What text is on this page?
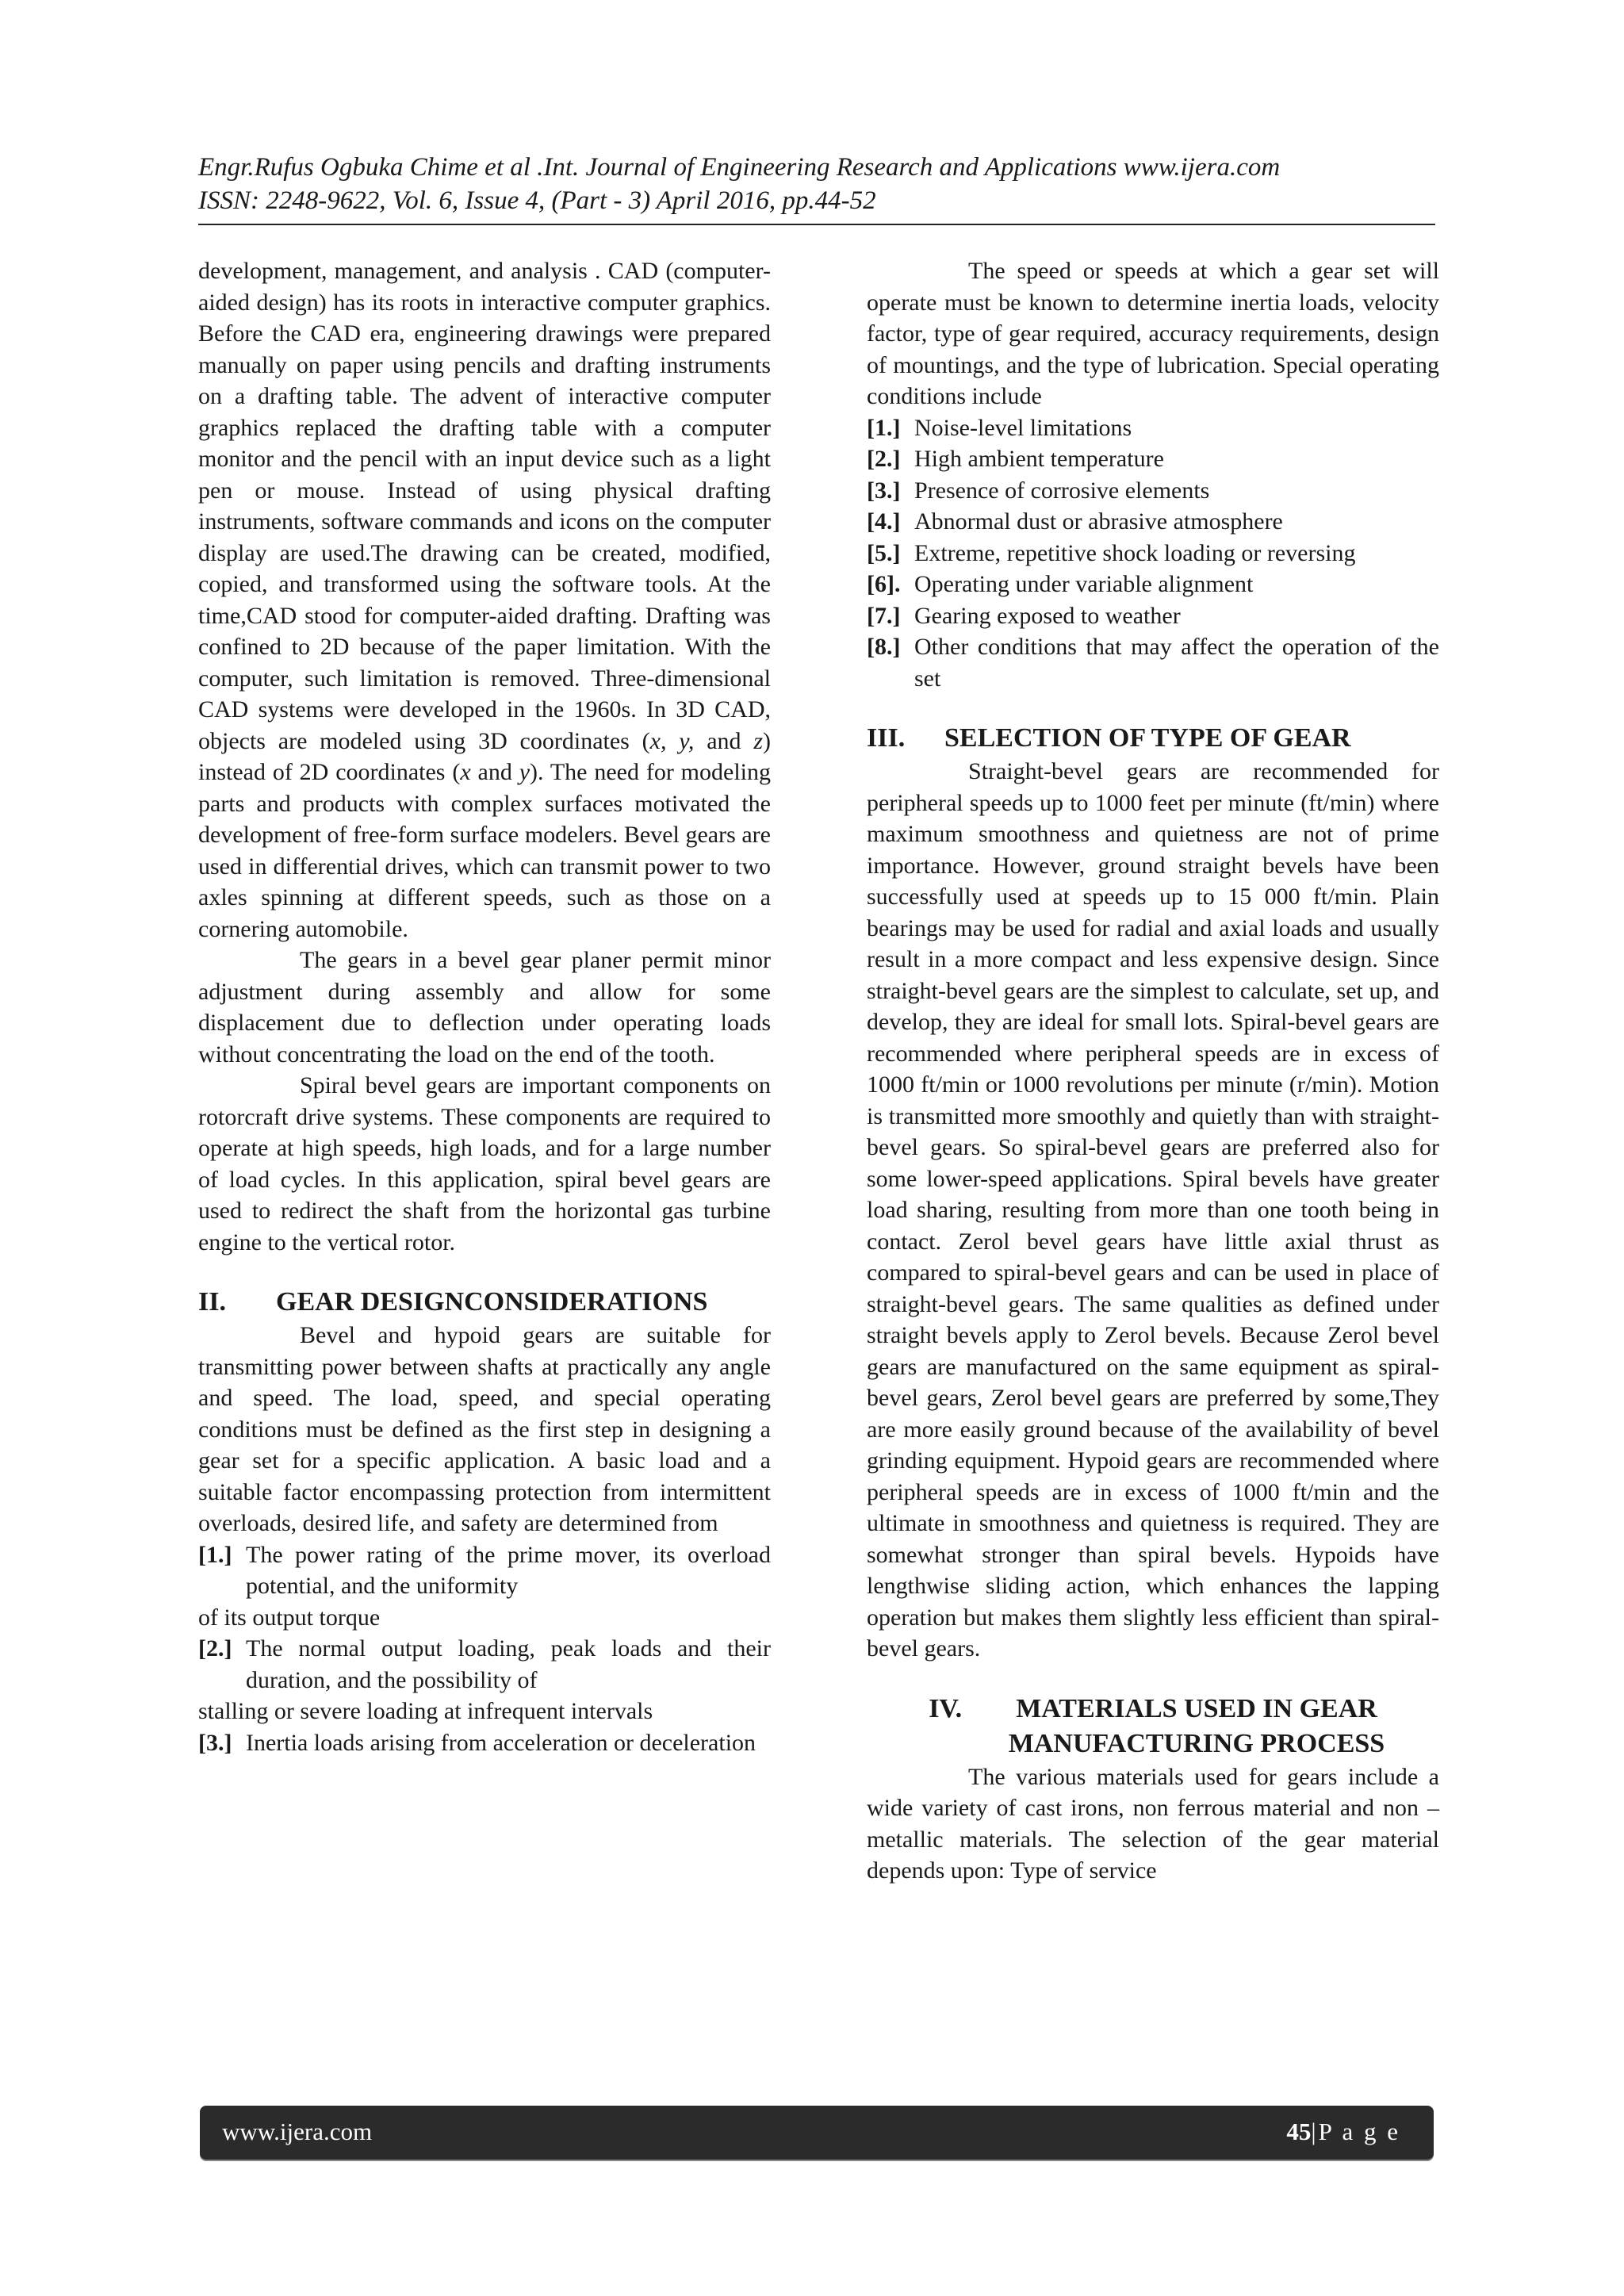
Engr.Rufus Ogbuka Chime et al .Int. Journal of Engineering Research and Applications www.ijera.com
ISSN: 2248-9622, Vol. 6, Issue 4, (Part - 3) April 2016, pp.44-52

development, management, and analysis . CAD (computer-aided design) has its roots in interactive computer graphics. Before the CAD era, engineering drawings were prepared manually on paper using pencils and drafting instruments on a drafting table. The advent of interactive computer graphics replaced the drafting table with a computer monitor and the pencil with an input device such as a light pen or mouse. Instead of using physical drafting instruments, software commands and icons on the computer display are used.The drawing can be created, modified, copied, and transformed using the software tools. At the time,CAD stood for computer-aided drafting. Drafting was confined to 2D because of the paper limitation. With the computer, such limitation is removed. Three-dimensional CAD systems were developed in the 1960s. In 3D CAD, objects are modeled using 3D coordinates (x, y, and z) instead of 2D coordinates (x and y). The need for modeling parts and products with complex surfaces motivated the development of free-form surface modelers. Bevel gears are used in differential drives, which can transmit power to two axles spinning at different speeds, such as those on a cornering automobile.

The gears in a bevel gear planer permit minor adjustment during assembly and allow for some displacement due to deflection under operating loads without concentrating the load on the end of the tooth.

Spiral bevel gears are important components on rotorcraft drive systems. These components are required to operate at high speeds, high loads, and for a large number of load cycles. In this application, spiral bevel gears are used to redirect the shaft from the horizontal gas turbine engine to the vertical rotor.

II.	GEAR DESIGNCONSIDERATIONS

Bevel and hypoid gears are suitable for transmitting power between shafts at practically any angle and speed. The load, speed, and special operating conditions must be defined as the first step in designing a gear set for a specific application. A basic load and a suitable factor encompassing protection from intermittent overloads, desired life, and safety are determined from

[1.] The power rating of the prime mover, its overload potential, and the uniformity

of its output torque

[2.] The normal output loading, peak loads and their duration, and the possibility of

stalling or severe loading at infrequent intervals

[3.] Inertia loads arising from acceleration or deceleration

The speed or speeds at which a gear set will operate must be known to determine inertia loads, velocity factor, type of gear required, accuracy requirements, design of mountings, and the type of lubrication. Special operating conditions include

[1.] Noise-level limitations
[2.] High ambient temperature
[3.] Presence of corrosive elements
[4.] Abnormal dust or abrasive atmosphere
[5.] Extreme, repetitive shock loading or reversing
[6]. Operating under variable alignment
[7.] Gearing exposed to weather
[8.] Other conditions that may affect the operation of the set
III.	SELECTION OF TYPE OF GEAR

Straight-bevel gears are recommended for peripheral speeds up to 1000 feet per minute (ft/min) where maximum smoothness and quietness are not of prime importance. However, ground straight bevels have been successfully used at speeds up to 15 000 ft/min. Plain bearings may be used for radial and axial loads and usually result in a more compact and less expensive design. Since straight-bevel gears are the simplest to calculate, set up, and develop, they are ideal for small lots. Spiral-bevel gears are recommended where peripheral speeds are in excess of 1000 ft/min or 1000 revolutions per minute (r/min). Motion is transmitted more smoothly and quietly than with straight-bevel gears. So spiral-bevel gears are preferred also for some lower-speed applications. Spiral bevels have greater load sharing, resulting from more than one tooth being in contact. Zerol bevel gears have little axial thrust as compared to spiral-bevel gears and can be used in place of straight-bevel gears. The same qualities as defined under straight bevels apply to Zerol bevels. Because Zerol bevel gears are manufactured on the same equipment as spiral-bevel gears, Zerol bevel gears are preferred by some,They are more easily ground because of the availability of bevel grinding equipment. Hypoid gears are recommended where peripheral speeds are in excess of 1000 ft/min and the ultimate in smoothness and quietness is required. They are somewhat stronger than spiral bevels. Hypoids have lengthwise sliding action, which enhances the lapping operation but makes them slightly less efficient than spiral-bevel gears.

IV. MATERIALS USED IN GEAR
MANUFACTURING PROCESS

The various materials used for gears include a wide variety of cast irons, non ferrous material and non – metallic materials. The selection of the gear material depends upon: Type of service

www.ijera.com	45|P a g e
